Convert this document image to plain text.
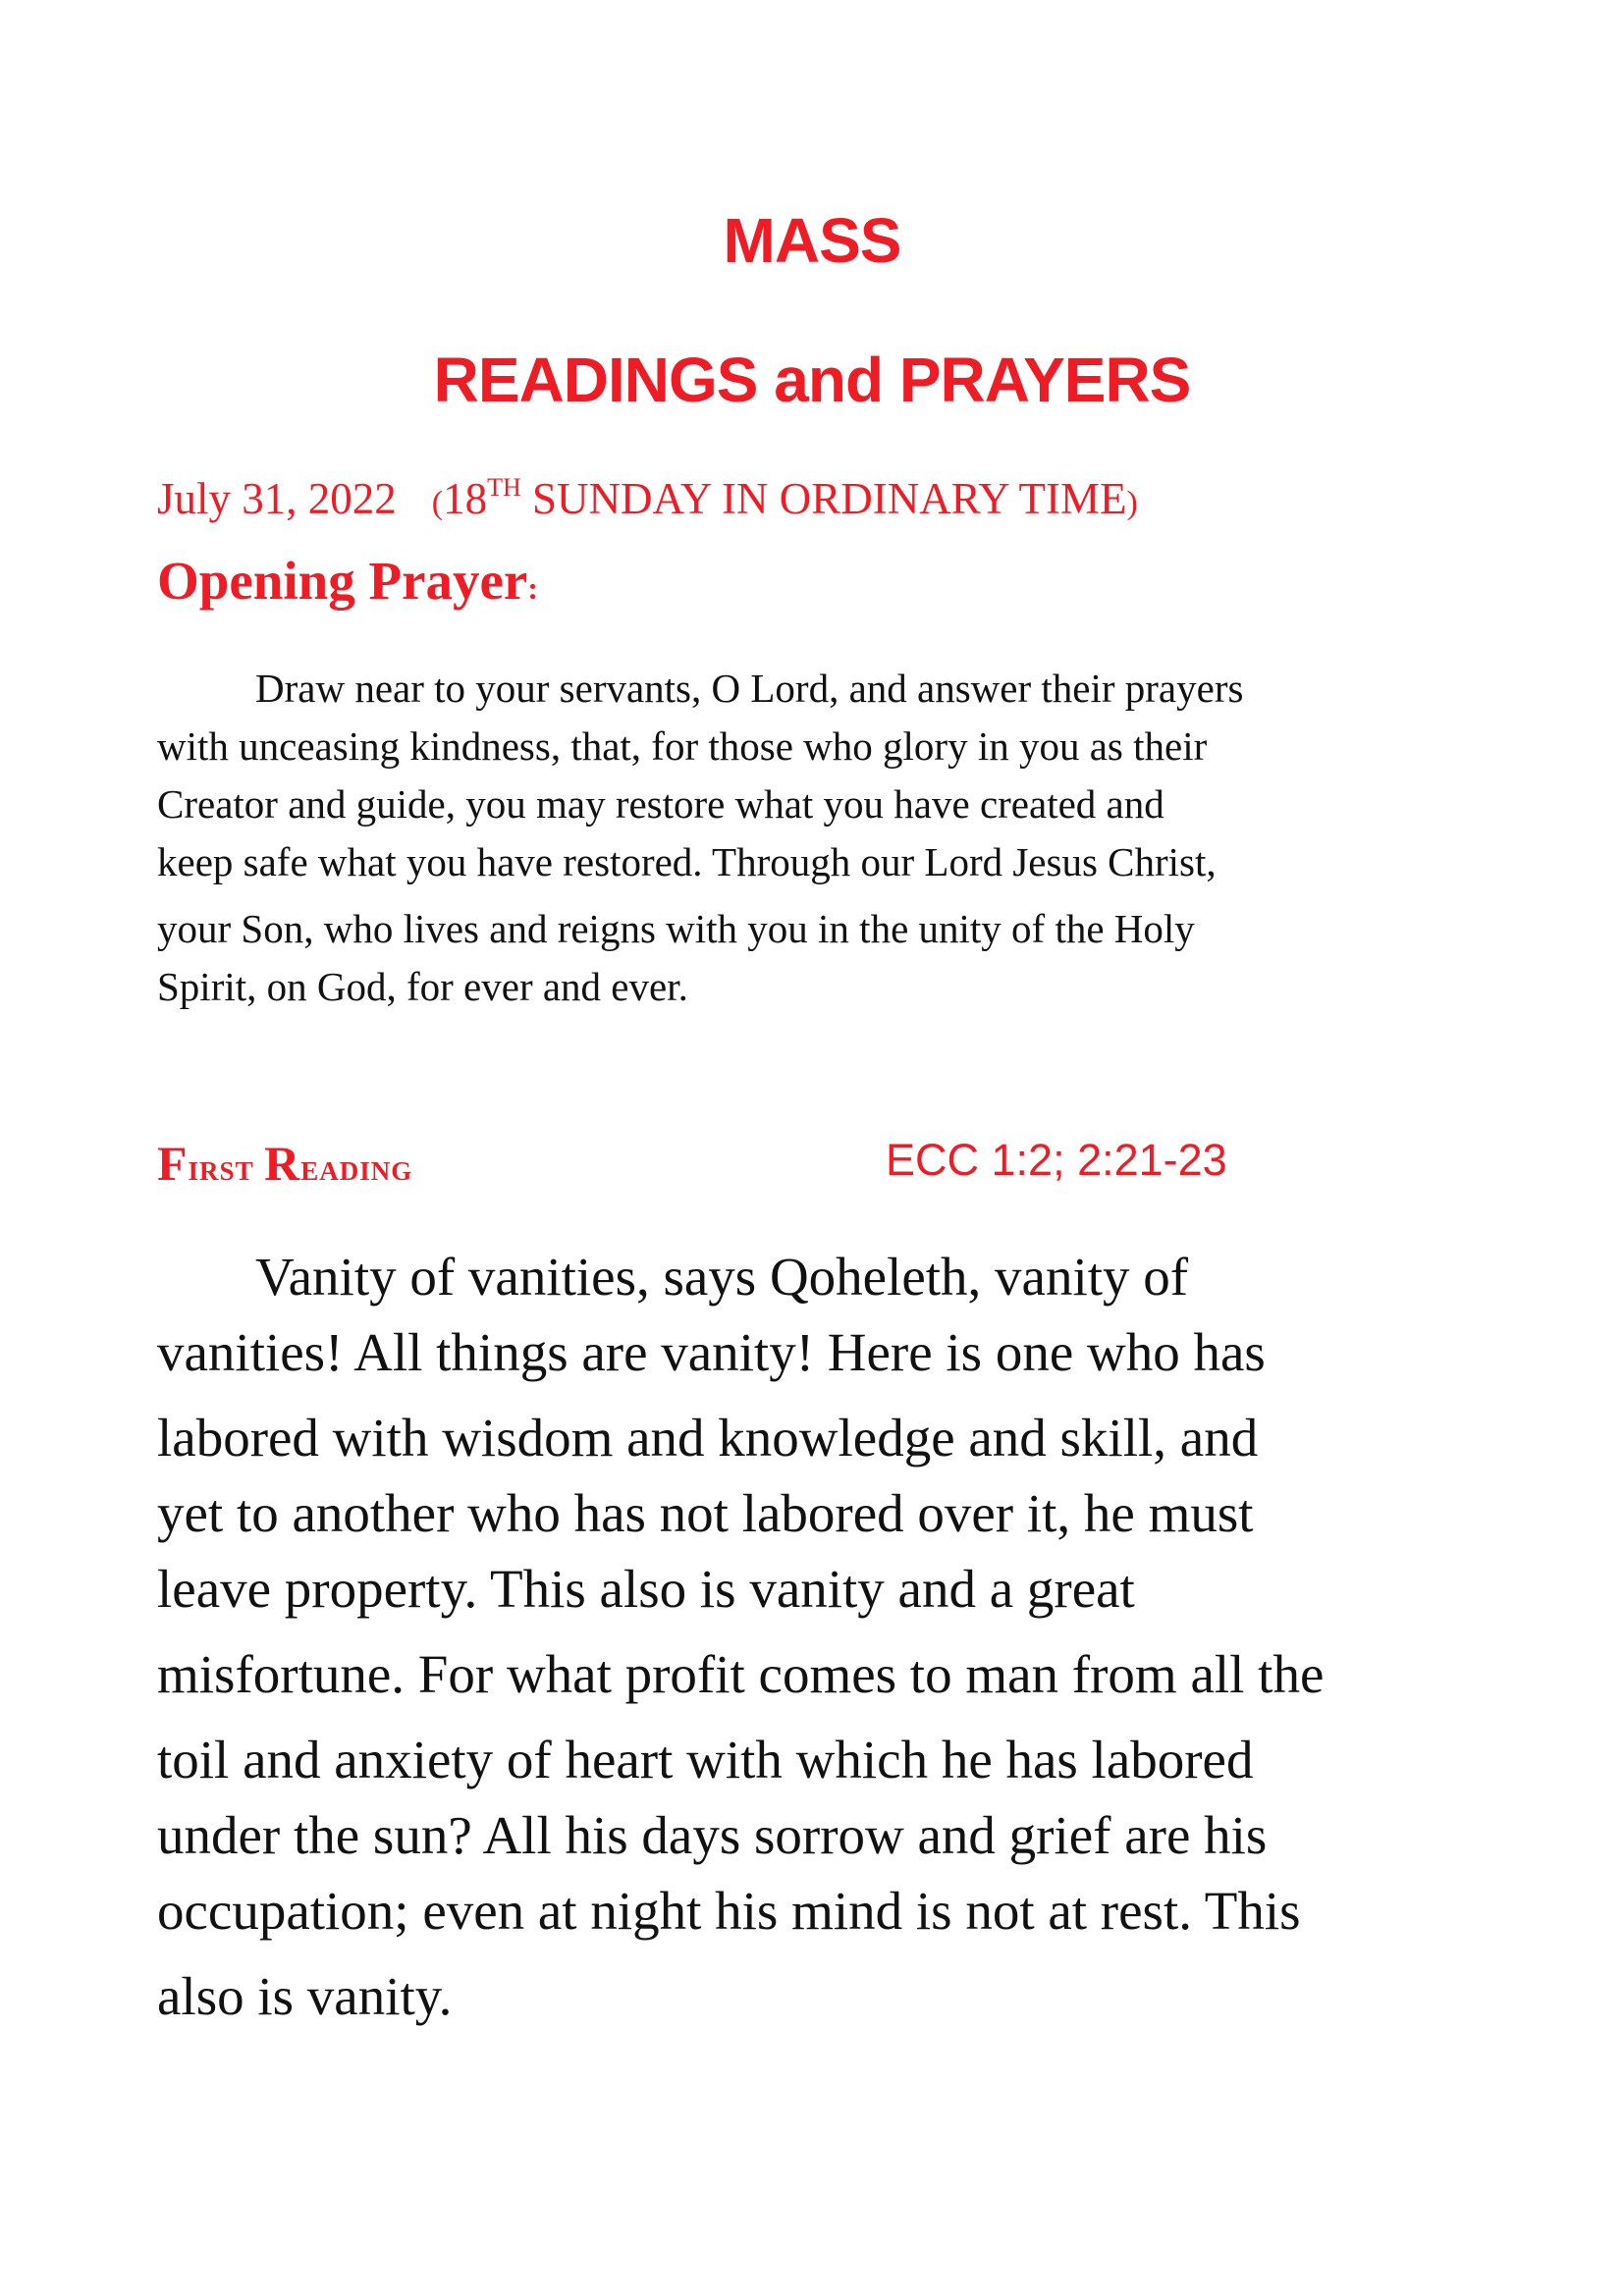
MASS
READINGS and PRAYERS
July 31, 2022 (18TH SUNDAY IN ORDINARY TIME)
Opening Prayer:

Draw near to your servants, O Lord, and answer their prayers
with unceasing kindness, that, for those who glory in you as their
Creator and guide, you may restore what you have created and
keep safe what you have restored. Through our Lord Jesus Christ,
your Son, who lives and reigns with you in the unity of the Holy
Spirit, on God, for ever and ever.

First Reading	ECC 1:2; 2:21-23

Vanity of vanities, says Qoheleth, vanity of
vanities! All things are vanity! Here is one who has
labored with wisdom and knowledge and skill, and
yet to another who has not labored over it, he must
leave property. This also is vanity and a great
misfortune. For what profit comes to man from all the
toil and anxiety of heart with which he has labored
under the sun? All his days sorrow and grief are his
occupation; even at night his mind is not at rest. This
also is vanity.
